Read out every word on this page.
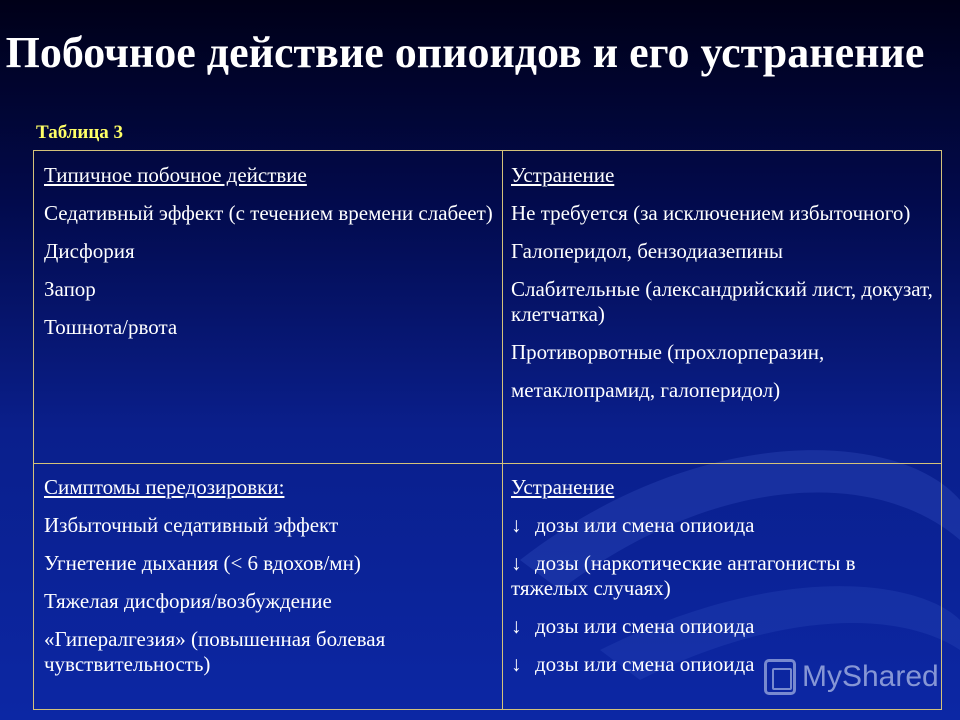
Побочное действие опиоидов и его устранение
Таблица 3

Типичное побочное действие

Седативный эффект (с течением времени слабеет)

Дисфория

Запор

Тошнота/рвота

Устранение

Не требуется (за исключением избыточного)

Галоперидол, бензодиазепины

Слабительные (александрийский лист, докузат, клетчатка)

Противорвотные (прохлорперазин,

метаклопрамид, галоперидол)

Симптомы передозировки:

Избыточный седативный эффект

Угнетение дыхания (< 6 вдохов/мн)

Тяжелая дисфория/возбуждение

«Гипералгезия» (повышенная болевая чувствительность)

Устранение

↓ дозы или смена опиоида

↓ дозы (наркотические антагонисты в тяжелых случаях)

↓ дозы или смена опиоида

↓ дозы или смена опиоида	MyShared
